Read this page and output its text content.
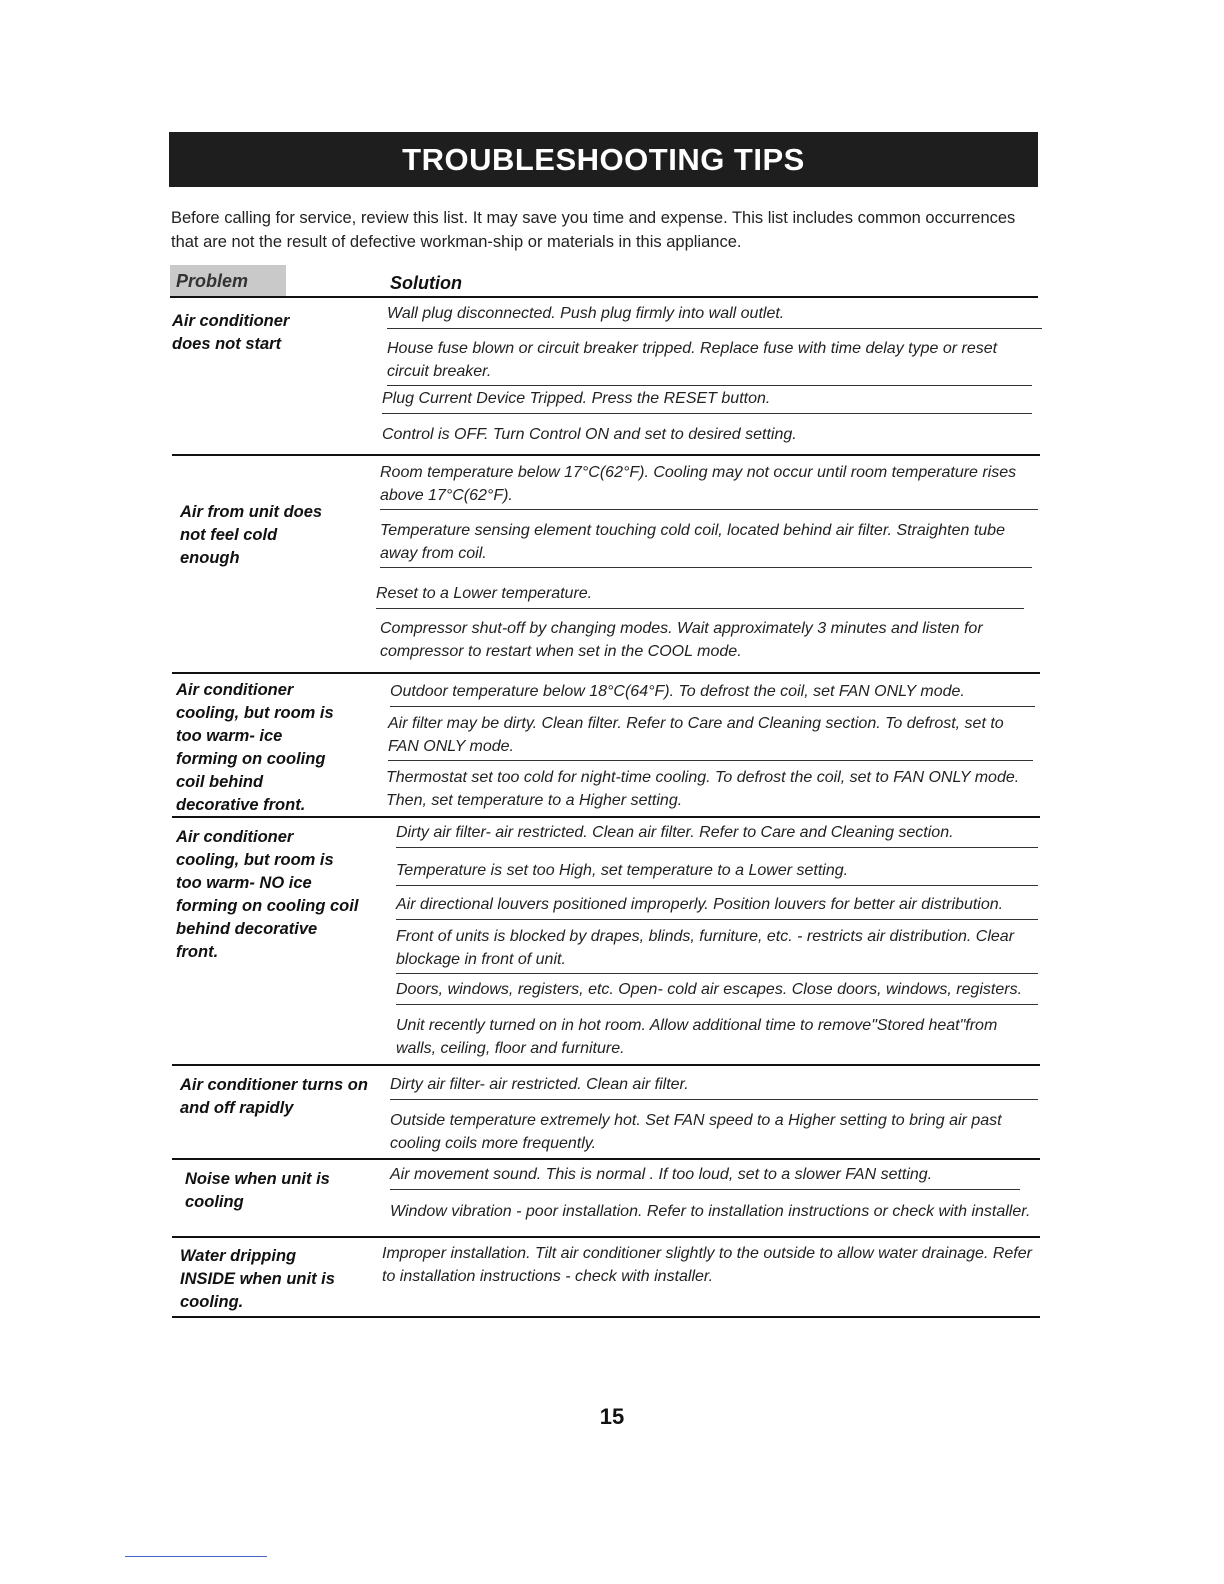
TROUBLESHOOTING TIPS
Before calling for service, review this list. It may save you time and expense. This list includes common occurrences that are not the result of defective workman-ship or materials in this appliance.
Problem	Solution
Air conditioner does not start
Wall plug disconnected. Push plug firmly into wall outlet.
House fuse blown or circuit breaker tripped. Replace fuse with time delay type or reset circuit breaker.
Plug Current Device Tripped. Press the RESET button.
Control is OFF. Turn Control ON and set to desired setting.
Air from unit does not feel cold enough
Room temperature below 17°C(62°F). Cooling may not occur until room temperature rises above 17°C(62°F).
Temperature sensing element touching cold coil, located behind air filter. Straighten tube away from coil.
Reset to a Lower temperature.
Compressor shut-off by changing modes. Wait approximately 3 minutes and listen for compressor to restart when set in the COOL mode.
Air conditioner cooling, but room is too warm- ice forming on cooling coil behind decorative front.
Outdoor temperature below 18°C(64°F). To defrost the coil, set FAN ONLY mode.
Air filter may be dirty. Clean filter. Refer to Care and Cleaning section. To defrost, set to FAN ONLY mode.
Thermostat set too cold for night-time cooling. To defrost the coil, set to FAN ONLY mode. Then, set temperature to a Higher setting.
Air conditioner cooling, but room is too warm- NO ice forming on cooling coil behind decorative front.
Dirty air filter- air restricted. Clean air filter. Refer to Care and Cleaning section.
Temperature is set too High, set temperature to a Lower setting.
Air directional louvers positioned improperly. Position louvers for better air distribution.
Front of units is blocked by drapes, blinds, furniture, etc. - restricts air distribution. Clear blockage in front of unit.
Doors, windows, registers, etc. Open- cold air escapes. Close doors, windows, registers.
Unit recently turned on in hot room. Allow additional time to remove"Stored heat"from walls, ceiling, floor and furniture.
Air conditioner turns on and off rapidly
Dirty air filter- air restricted. Clean air filter.
Outside temperature extremely hot. Set FAN speed to a Higher setting to bring air past cooling coils more frequently.
Noise when unit is cooling
Air movement sound. This is normal . If too loud, set to a slower FAN setting.
Window vibration - poor installation. Refer to installation instructions or check with installer.
Water dripping INSIDE when unit is cooling.
Improper installation. Tilt air conditioner slightly to the outside to allow water drainage. Refer to installation instructions - check with installer.
15
